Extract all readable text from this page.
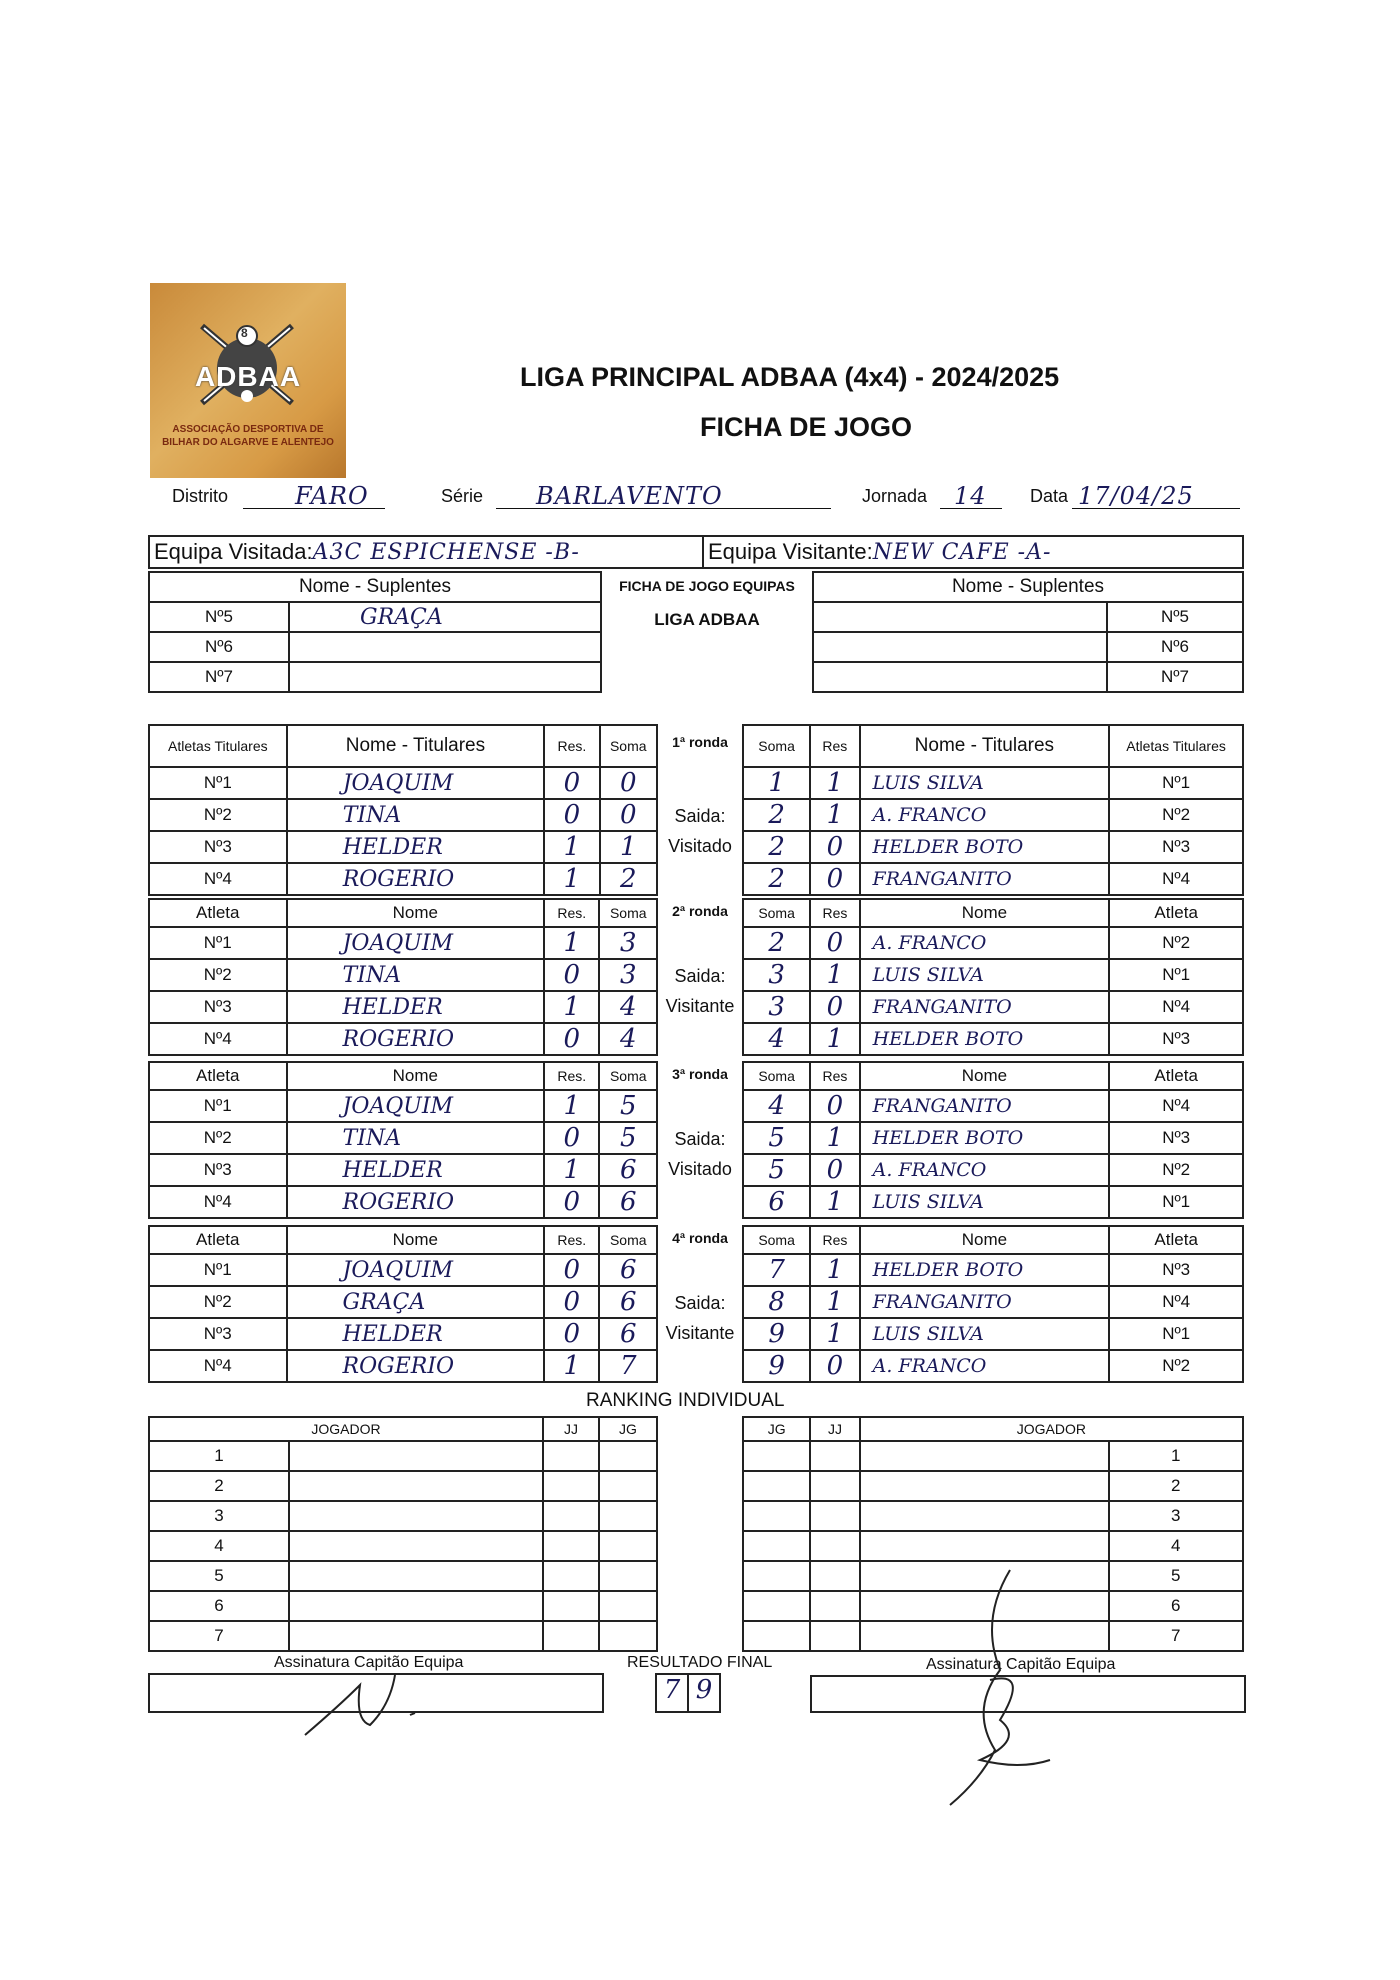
8
ADBAA
ASSOCIAÇÃO DESPORTIVA DE BILHAR DO ALGARVE E ALENTEJO
LIGA PRINCIPAL ADBAA (4x4) - 2024/2025
FICHA DE JOGO
Distrito	FARO	Série	BARLAVENTO	Jornada	14	Data 17/04/25
Equipa Visitada:A3C ESPICHENSE -B-	Equipa Visitante:NEW CAFE -A-
Nome - Suplentes	
Nº5	GRAÇA
Nº6	
Nº7	
FICHA DE JOGO EQUIPAS
LIGA ADBAA
Nome - Suplentes	
	Nº5
	Nº6
	Nº7
Atletas Titulares	Nome - Titulares	Res.	Soma
Nº1	JOAQUIM	0	0
Nº2	TINA	0	0
Nº3	HELDER	1	1
Nº4	ROGERIO	1	2
1ª ronda
Saida:
Visitado
Soma	Res	Nome - Titulares	Atletas Titulares
1	1	LUIS SILVA	Nº1
2	1	A. FRANCO	Nº2
2	0	HELDER BOTO	Nº3
2	0	FRANGANITO	Nº4
Atleta	Nome	Res.	Soma
Nº1	JOAQUIM	1	3
Nº2	TINA	0	3
Nº3	HELDER	1	4
Nº4	ROGERIO	0	4
2ª ronda
Saida:
Visitante
Soma	Res	Nome	Atleta
2	0	A. FRANCO	Nº2
3	1	LUIS SILVA	Nº1
3	0	FRANGANITO	Nº4
4	1	HELDER BOTO	Nº3
Atleta	Nome	Res.	Soma
Nº1	JOAQUIM	1	5
Nº2	TINA	0	5
Nº3	HELDER	1	6
Nº4	ROGERIO	0	6
3ª ronda
Saida:
Visitado
Soma	Res	Nome	Atleta
4	0	FRANGANITO	Nº4
5	1	HELDER BOTO	Nº3
5	0	A. FRANCO	Nº2
6	1	LUIS SILVA	Nº1
Atleta	Nome	Res.	Soma
Nº1	JOAQUIM	0	6
Nº2	GRAÇA	0	6
Nº3	HELDER	0	6
Nº4	ROGERIO	1	7
4ª ronda
Saida:
Visitante
Soma	Res	Nome	Atleta
7	1	HELDER BOTO	Nº3
8	1	FRANGANITO	Nº4
9	1	LUIS SILVA	Nº1
9	0	A. FRANCO	Nº2
RANKING INDIVIDUAL
JOGADOR		JJ	JG
1			
2			
3			
4			
5			
6			
7			
JG	JJ	JOGADOR	
			1
			2
			3
			4
			5
			6
			7
Assinatura Capitão Equipa	RESULTADO FINAL
7 9
Assinatura Capitão Equipa
